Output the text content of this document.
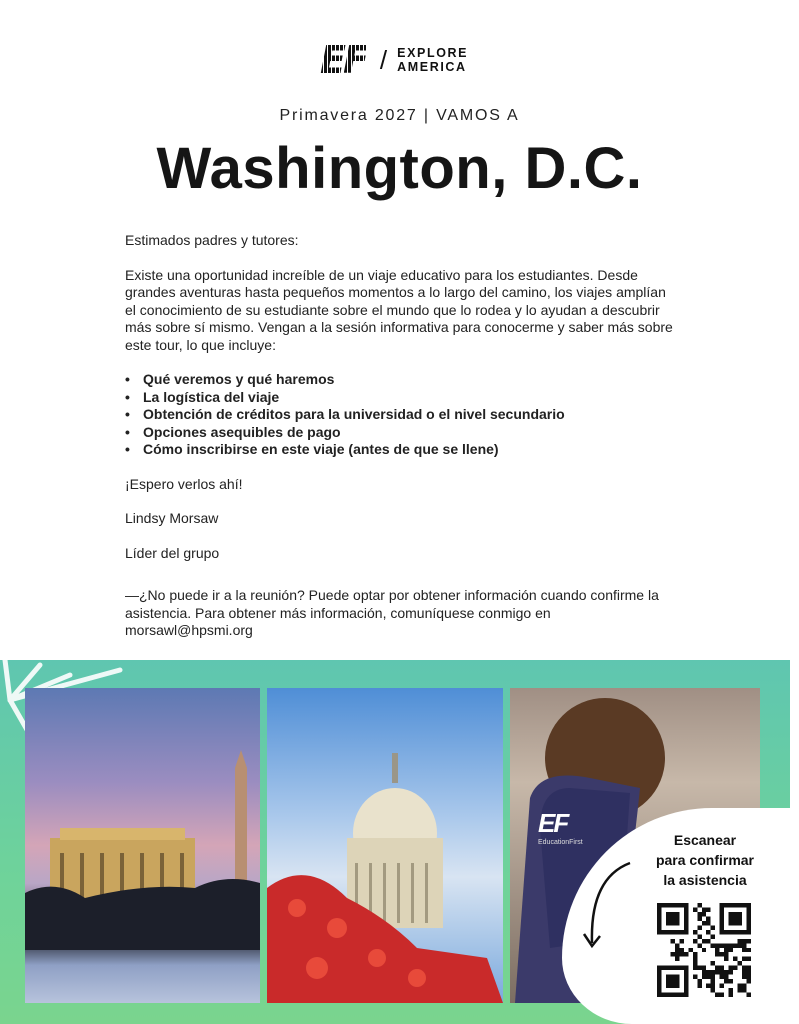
EF / EXPLORE
AMERICA
Primavera 2027 | VAMOS A
Washington, D.C.

Estimados padres y tutores:

Existe una oportunidad increíble de un viaje educativo para los estudiantes. Desde grandes aventuras hasta pequeños momentos a lo largo del camino, los viajes amplían el conocimiento de su estudiante sobre el mundo que lo rodea y lo ayudan a descubrir más sobre sí mismo. Vengan a la sesión informativa para conocerme y saber más sobre este tour, lo que incluye:

• Qué veremos y qué haremos
• La logística del viaje
• Obtención de créditos para la universidad o el nivel secundario
• Opciones asequibles de pago
• Cómo inscribirse en este viaje (antes de que se llene)

¡Espero verlos ahí!

Lindsy Morsaw

Líder del grupo

—¿No puede ir a la reunión? Puede optar por obtener información cuando confirme la asistencia. Para obtener más información, comuníquese conmigo en morsawl@hpsmi.org

EF
EducationFirst	Escanear
para confirmar
la asistencia
